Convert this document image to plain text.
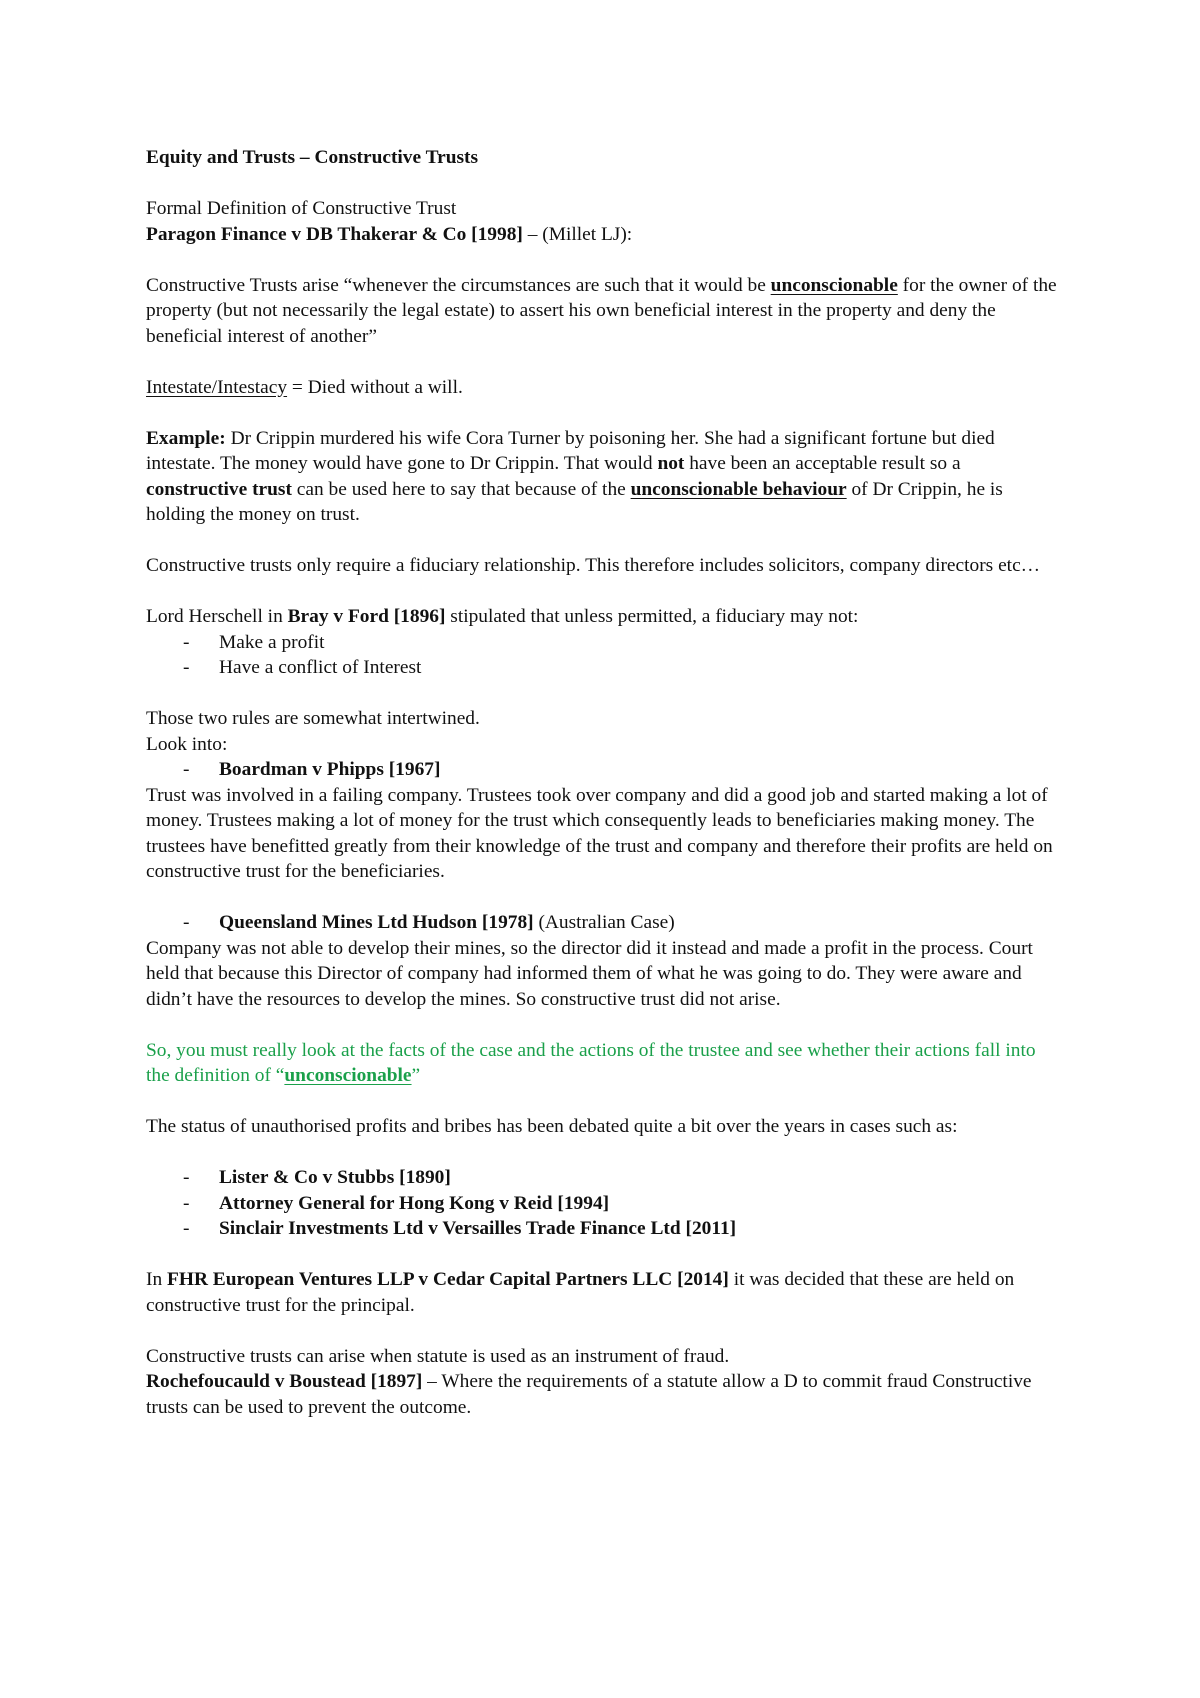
Equity and Trusts – Constructive Trusts

Formal Definition of Constructive Trust

Paragon Finance v DB Thakerar & Co [1998] – (Millet LJ):

Constructive Trusts arise “whenever the circumstances are such that it would be unconscionable for the owner of the property (but not necessarily the legal estate) to assert his own beneficial interest in the property and deny the beneficial interest of another”

Intestate/Intestacy = Died without a will.

Example: Dr Crippin murdered his wife Cora Turner by poisoning her. She had a significant fortune but died intestate. The money would have gone to Dr Crippin. That would not have been an acceptable result so a constructive trust can be used here to say that because of the unconscionable behaviour of Dr Crippin, he is holding the money on trust.

Constructive trusts only require a fiduciary relationship. This therefore includes solicitors, company directors etc…

Lord Herschell in Bray v Ford [1896] stipulated that unless permitted, a fiduciary may not:

- Make a profit
- Have a conflict of Interest

Those two rules are somewhat intertwined.

Look into:

- Boardman v Phipps [1967]

Trust was involved in a failing company. Trustees took over company and did a good job and started making a lot of money. Trustees making a lot of money for the trust which consequently leads to beneficiaries making money. The trustees have benefitted greatly from their knowledge of the trust and company and therefore their profits are held on constructive trust for the beneficiaries.

- Queensland Mines Ltd Hudson [1978] (Australian Case)

Company was not able to develop their mines, so the director did it instead and made a profit in the process. Court held that because this Director of company had informed them of what he was going to do. They were aware and didn’t have the resources to develop the mines. So constructive trust did not arise.

So, you must really look at the facts of the case and the actions of the trustee and see whether their actions fall into the definition of “unconscionable”

The status of unauthorised profits and bribes has been debated quite a bit over the years in cases such as:

- Lister & Co v Stubbs [1890]
- Attorney General for Hong Kong v Reid [1994]
- Sinclair Investments Ltd v Versailles Trade Finance Ltd [2011]

In FHR European Ventures LLP v Cedar Capital Partners LLC [2014] it was decided that these are held on constructive trust for the principal.

Constructive trusts can arise when statute is used as an instrument of fraud.

Rochefoucauld v Boustead [1897] – Where the requirements of a statute allow a D to commit fraud Constructive trusts can be used to prevent the outcome.
